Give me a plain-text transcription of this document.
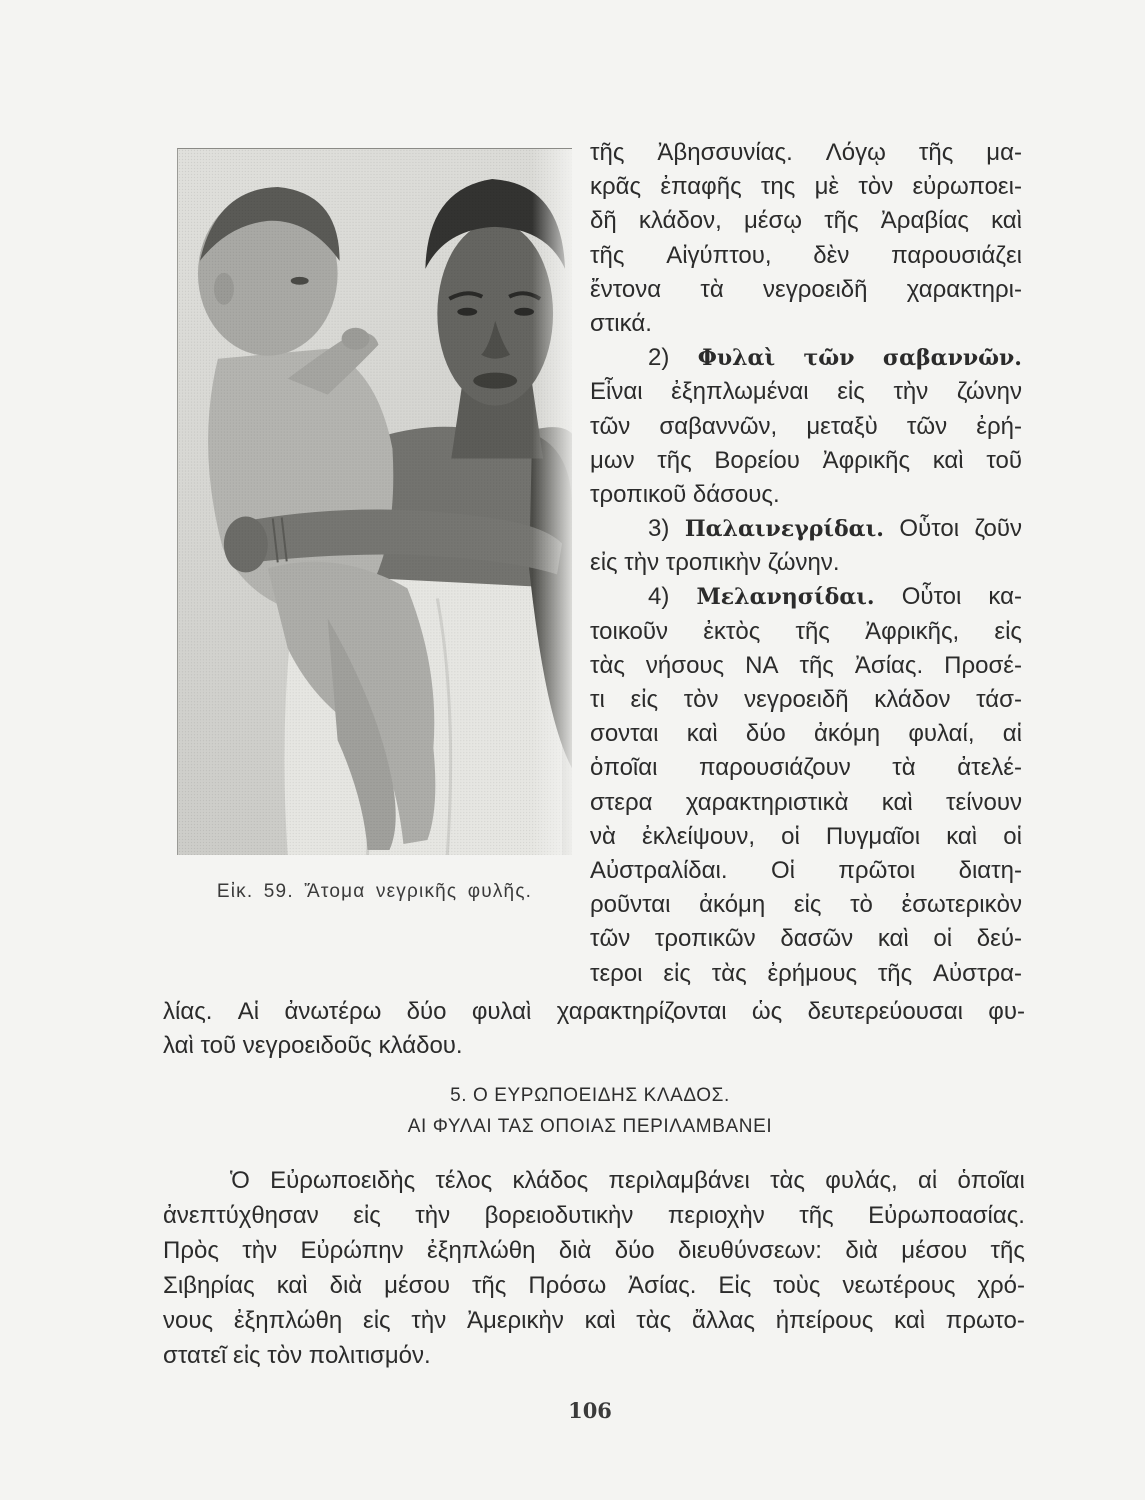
Εἰκ. 59. Ἄτομα νεγρικῆς φυλῆς.
τῆς Ἀβησσυνίας. Λόγῳ τῆς μα-
κρᾶς ἐπαφῆς της μὲ τὸν εὐρωποει-
δῆ κλάδον, μέσῳ τῆς Ἀραβίας καὶ
τῆς Αἰγύπτου, δὲν παρουσιάζει
ἔντονα τὰ νεγροειδῆ χαρακτηρι-
στικά.
2) Φυλαὶ τῶν σαβαννῶν.
Εἶναι ἐξηπλωμέναι εἰς τὴν ζώνην
τῶν σαβαννῶν, μεταξὺ τῶν ἐρή-
μων τῆς Βορείου Ἀφρικῆς καὶ τοῦ
τροπικοῦ δάσους.
3) Παλαινεγρίδαι. Οὗτοι ζοῦν
εἰς τὴν τροπικὴν ζώνην.
4) Μελανησίδαι. Οὗτοι κα-
τοικοῦν ἐκτὸς τῆς Ἀφρικῆς, εἰς
τὰς νήσους ΝΑ τῆς Ἀσίας. Προσέ-
τι εἰς τὸν νεγροειδῆ κλάδον τάσ-
σονται καὶ δύο ἀκόμη φυλαί, αἱ
ὁποῖαι παρουσιάζουν τὰ ἀτελέ-
στερα χαρακτηριστικὰ καὶ τείνουν
νὰ ἐκλείψουν, οἱ Πυγμαῖοι καὶ οἱ
Αὐστραλίδαι. Οἱ πρῶτοι διατη-
ροῦνται ἀκόμη εἰς τὸ ἐσωτερικὸν
τῶν τροπικῶν δασῶν καὶ οἱ δεύ-
τεροι εἰς τὰς ἐρήμους τῆς Αὐστρα-
λίας. Αἱ ἀνωτέρω δύο φυλαὶ χαρακτηρίζονται ὡς δευτερεύουσαι φυ-
λαὶ τοῦ νεγροειδοῦς κλάδου.
5. Ο ΕΥΡΩΠΟΕΙΔΗΣ ΚΛΑΔΟΣ.
ΑΙ ΦΥΛΑΙ ΤΑΣ ΟΠΟΙΑΣ ΠΕΡΙΛΑΜΒΑΝΕΙ
Ὁ Εὐρωποειδὴς τέλος κλάδος περιλαμβάνει τὰς φυλάς, αἱ ὁποῖαι
ἀνεπτύχθησαν εἰς τὴν βορειοδυτικὴν περιοχὴν τῆς Εὐρωποασίας.
Πρὸς τὴν Εὐρώπην ἐξηπλώθη διὰ δύο διευθύνσεων: διὰ μέσου τῆς
Σιβηρίας καὶ διὰ μέσου τῆς Πρόσω Ἀσίας. Εἰς τοὺς νεωτέρους χρό-
νους ἐξηπλώθη εἰς τὴν Ἀμερικὴν καὶ τὰς ἄλλας ἠπείρους καὶ πρωτο-
στατεῖ εἰς τὸν πολιτισμόν.
106
